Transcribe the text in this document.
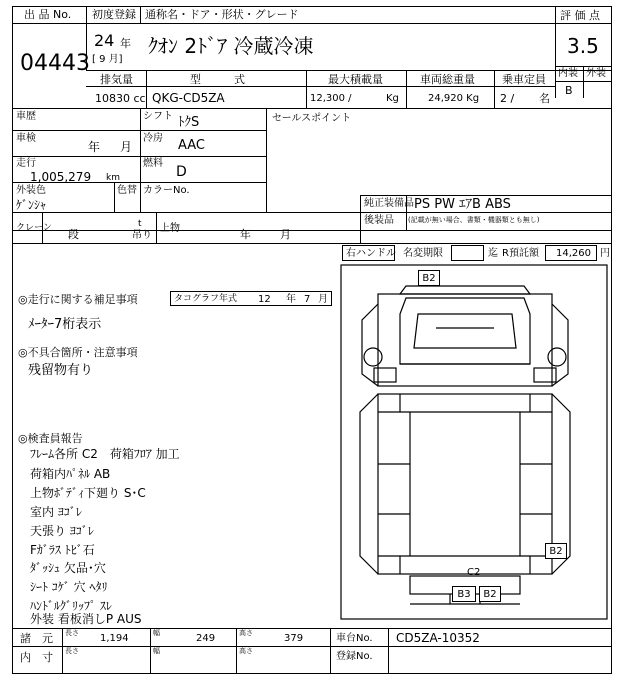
出 品 No.
04443
初度登録 通称名・ドア・形状・グレード
24 年
[ 9 月]
ｸｵﾝ 2ﾄﾞｱ 冷蔵冷凍
評 価 点
3.5
内装 外装
B
排気量
10830 cc
型　　　式
QKG-CD5ZA
最大積載量
12,300 /	Kg
車両総重量
24,920 Kg
乗車定員
2 / 名
車歴	シフト ﾄｸS
車検
年 月
冷房 AAC
走行
1,005,279 km
燃料
D
外装色
ｹﾞﾝｼｬ
色替 カラーNo.
セールスポイント
純正装備品 PS PW ｴｱB ABS
後装品 (記載が無い場合、書類・機器類とも無し)
クレーン 段
t
吊り
上物	年	月
右ハンドル 名変期限	迄 R預託額 14,260 円
◎走行に関する補足事項	タコグラフ年式 12 年 7 月
ﾒｰﾀｰ7桁表示
◎不具合箇所・注意事項
残留物有り
◎検査員報告
ﾌﾚｰﾑ各所 C2　荷箱ﾌﾛｱ 加工
荷箱内ﾊﾟﾈﾙ AB
上物ﾎﾞﾃﾞｨ下廻り S･C
室内 ﾖｺﾞﾚ
天張り ﾖｺﾞﾚ
Fｶﾞﾗｽ ﾄﾋﾞ石
ﾀﾞｯｼｭ 欠品･穴
ｼｰﾄ ｺｹﾞ 穴 ﾍﾀﾘ
ﾊﾝﾄﾞﾙｸﾞﾘｯﾌﾟ ｽﾚ
外装 看板消しP AUS
B2
B2
C2
B3	B2
諸　元 長さ 1,194	幅	249	高さ	379	車台No. CD5ZA-10352
内　寸 長さ	幅	高さ	登録No.
